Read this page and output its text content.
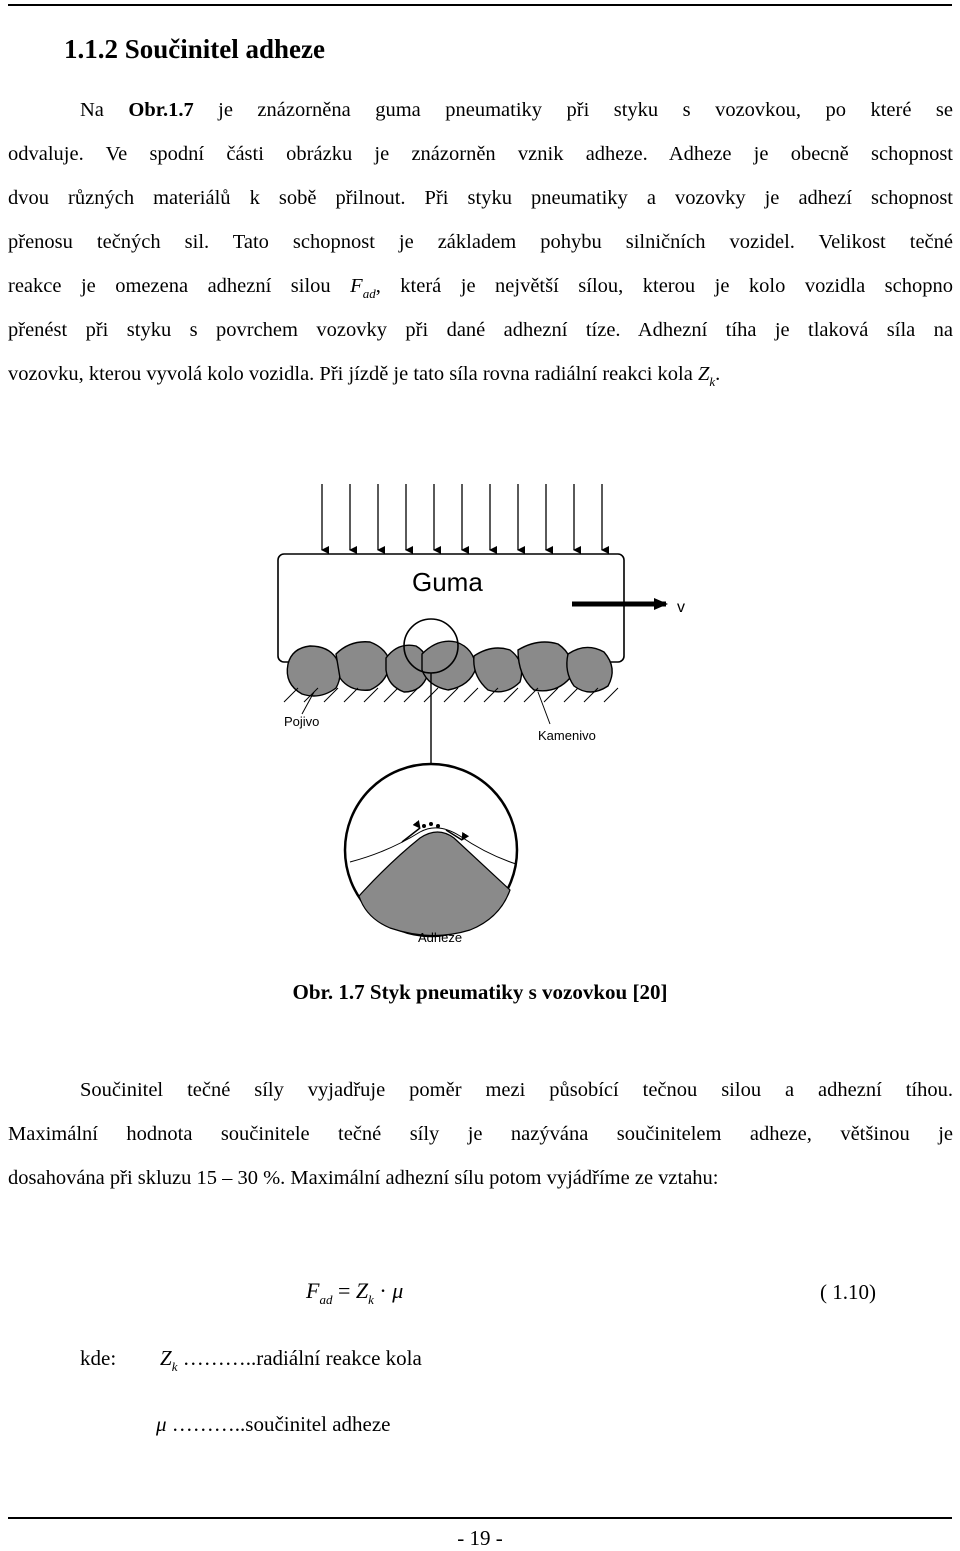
1.1.2 Součinitel adheze
Na Obr.1.7 je znázorněna guma pneumatiky při styku s vozovkou, po které se
odvaluje. Ve spodní části obrázku je znázorněn vznik adheze. Adheze je obecně schopnost
dvou různých materiálů k sobě přilnout. Při styku pneumatiky a vozovky je adhezí schopnost
přenosu tečných sil. Tato schopnost je základem pohybu silničních vozidel. Velikost tečné
reakce je omezena adhezní silou $F_{ad}$, která je největší sílou, kterou je kolo vozidla schopno
přenést při styku s povrchem vozovky při dané adhezní tíze. Adhezní tíha je tlaková síla na
vozovku, kterou vyvolá kolo vozidla. Při jízdě je tato síla rovna radiální reakci kola $Z_k$.
Guma
v
Pojivo
Kamenivo
Adheze
Obr. 1.7 Styk pneumatiky s vozovkou [20]
Součinitel tečné síly vyjadřuje poměr mezi působící tečnou silou a adhezní tíhou.
Maximální hodnota součinitele tečné síly je nazývána součinitelem adheze, většinou je
dosahována při skluzu 15 – 30 %. Maximální adhezní sílu potom vyjádříme ze vztahu:
$F_{ad} = Z_k \cdot \mu$	( 1.10)
kde: $Z_k$ ………..radiální reakce kola
μ ………..součinitel adheze
- 19 -
